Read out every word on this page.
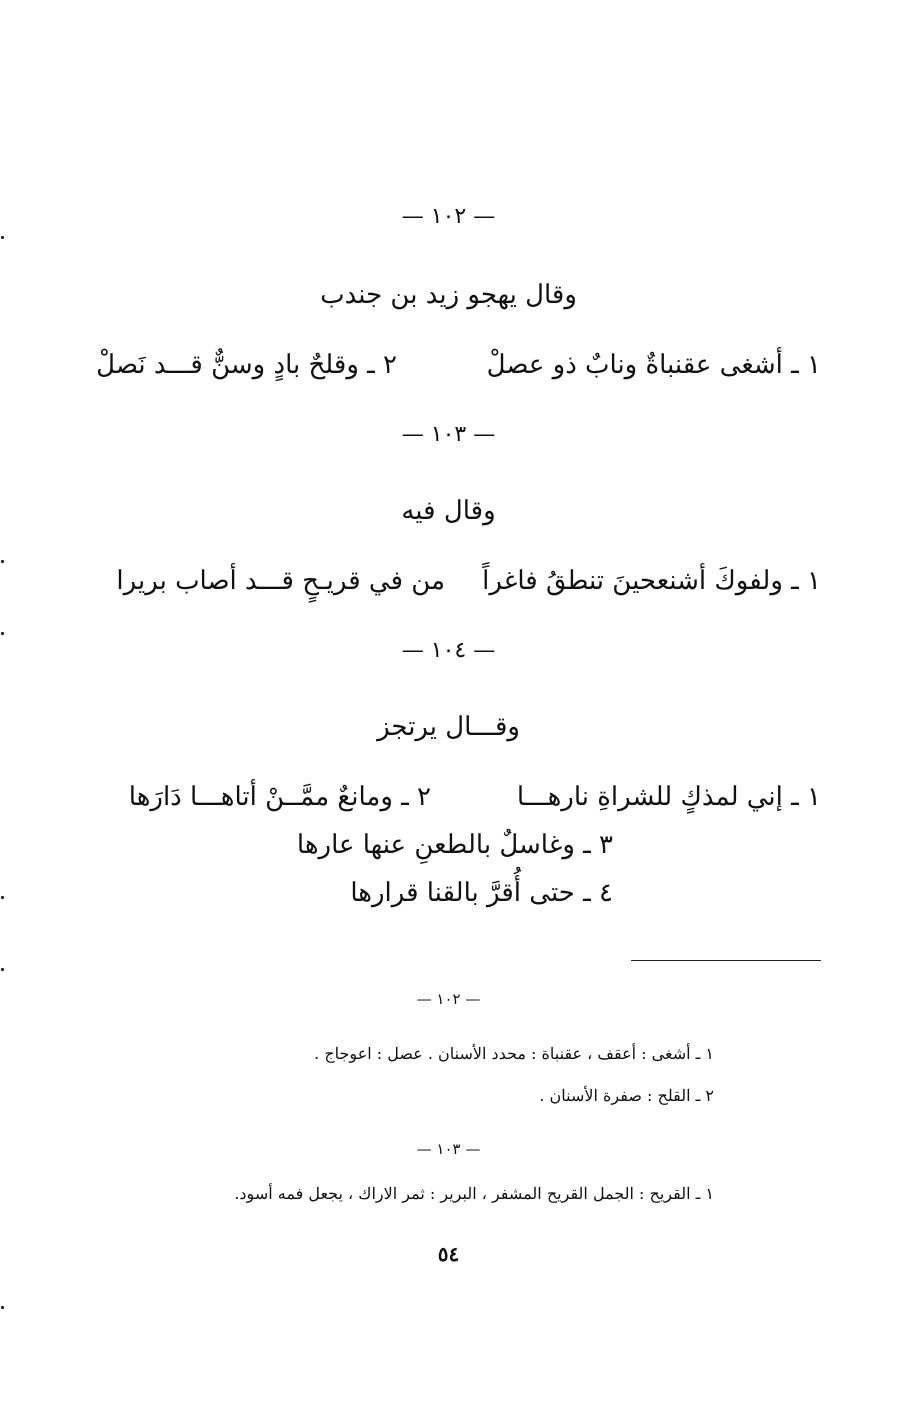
— ١٠٢ —
وقال يهجو زيد بن جندب
١ ـ أشغى عقنباةٌ ونابٌ ذو عصلْ
٢ ـ وقلحٌ بادٍ وسنٌّ قـــد نَصلْ
— ١٠٣ —
وقال فيه
١ ـ ولفوكَ أشنعحينَ تنطقُ فاغراً
من في قريـحٍ قـــد أصاب بريرا
— ١٠٤ —
وقـــال يرتجز
١ ـ إني لمذكٍ للشراةِ نارهـــا
٢ ـ ومانعٌ ممَّــنْ أتاهـــا دَارَها
٣ ـ وغاسلٌ بالطعنِ عنها عارها
٤ ـ حتى أُقرَّ بالقنا قرارها
— ١٠٢ —
١ ـ أشغى : أعقف ، عقنباة : محدد الأسنان . عصل : اعوجاج .
٢ ـ القلح : صفرة الأسنان .
— ١٠٣ —
١ ـ القريح : الجمل القريح المشفر ، البرير : ثمر الاراك ، يجعل فمه أسود.
٥٤
